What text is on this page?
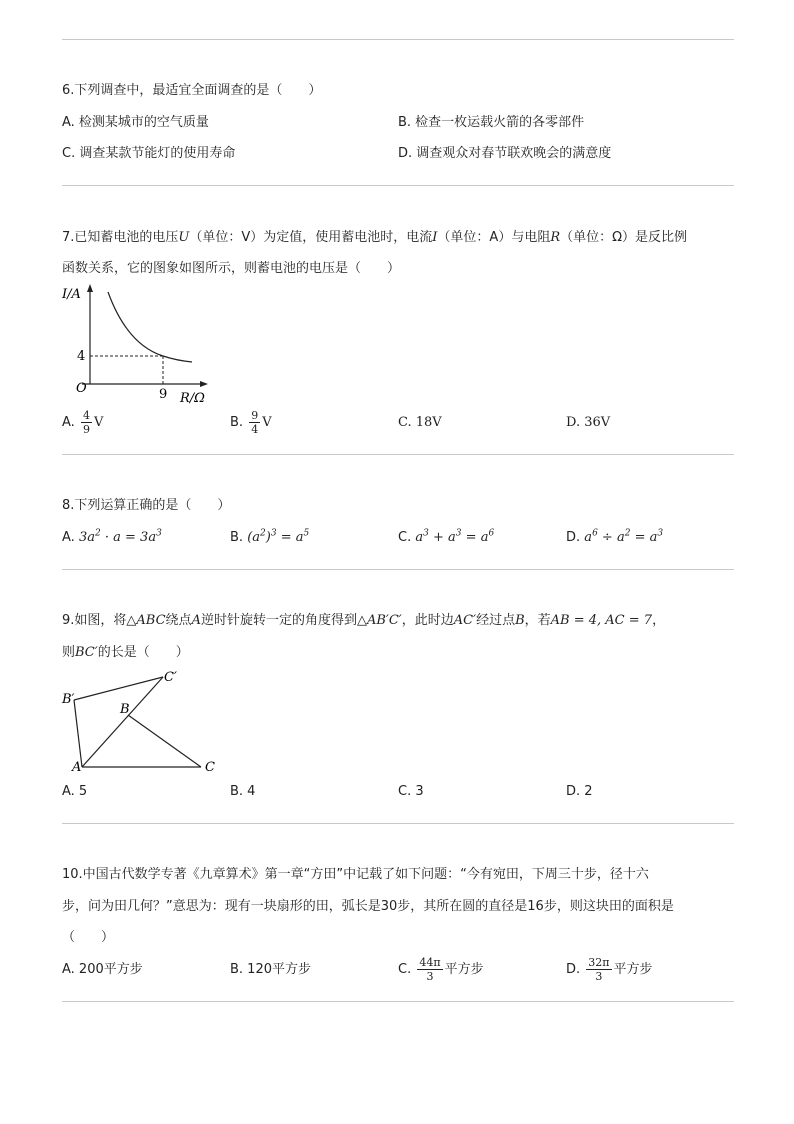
6.下列调查中，最适宜全面调查的是（　　）
A. 检测某城市的空气质量	B. 检查一枚运载火箭的各零部件
C. 调查某款节能灯的使用寿命	D. 调查观众对春节联欢晚会的满意度
7.已知蓄电池的电压U（单位：V）为定值，使用蓄电池时，电流I（单位：A）与电阻R（单位：Ω）是反比例
函数关系，它的图象如图所示，则蓄电池的电压是（　　）
I/A
R/Ω
O
4
9
A. $\frac{4}{9}$ V	B. $\frac{9}{4}$ V	C. 18V	D. 36V
8.下列运算正确的是（　　）
A. $3a^2 \cdot a = 3a^3$	B. $(a^2)^3 = a^5$	C. $a^3 + a^3 = a^6$	D. $a^6 \div a^2 = a^3$
9.如图，将△ABC绕点A逆时针旋转一定的角度得到△AB′C′，此时边AC′经过点B，若AB = 4, AC = 7，
则BC′的长是（　　）
B′
C′
B
A	C
A. 5	B. 4	C. 3	D. 2
10.中国古代数学专著《九章算术》第一章“方田”中记载了如下问题：“今有宛田，下周三十步，径十六
步，问为田几何？”意思为：现有一块扇形的田，弧长是30步，其所在圆的直径是16步，则这块田的面积是
（　　）
A. 200平方步	B. 120平方步	C. $\frac{44\pi}{3}$ 平方步	D. $\frac{32\pi}{3}$ 平方步
